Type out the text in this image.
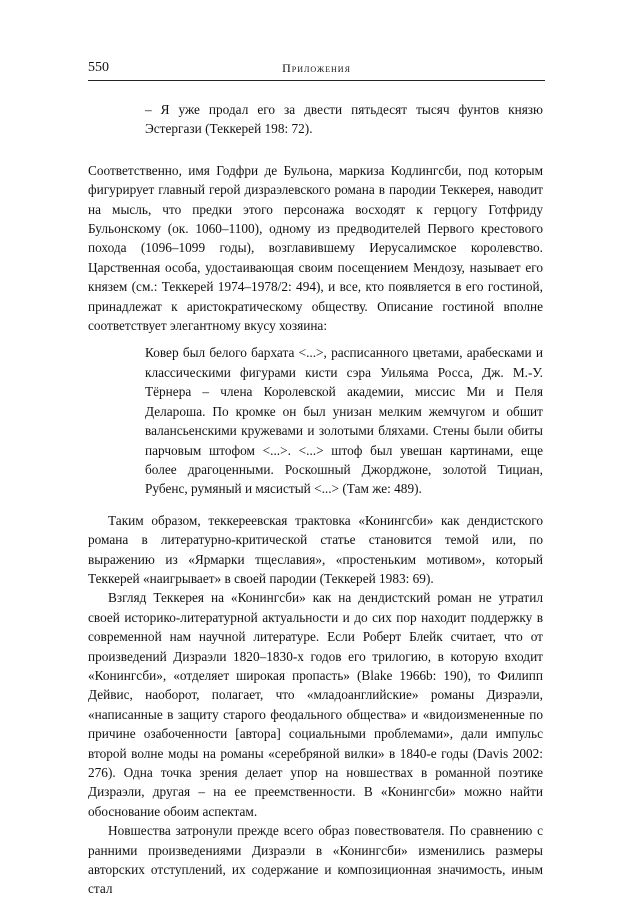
550	Приложения

– Я уже продал его за двести пятьдесят тысяч фунтов князю Эстергази (Теккерей 198: 72).

Соответственно, имя Годфри де Бульона, маркиза Кодлингсби, под которым фигурирует главный герой дизраэлевского романа в пародии Теккерея, наводит на мысль, что предки этого персонажа восходят к герцогу Готфриду Бульонскому (ок. 1060–1100), одному из предводителей Первого крестового похода (1096–1099 годы), возглавившему Иерусалимское королевство. Царственная особа, удостаивающая своим посещением Мендозу, называет его князем (см.: Теккерей 1974–1978/2: 494), и все, кто появляется в его гостиной, принадлежат к аристократическому обществу. Описание гостиной вполне соответствует элегантному вкусу хозяина:

Ковер был белого бархата <...>, расписанного цветами, арабесками и классическими фигурами кисти сэра Уильяма Росса, Дж. М.-У. Тёрнера – члена Королевской академии, миссис Ми и Пеля Делароша. По кромке он был унизан мелким жемчугом и обшит валансьенскими кружевами и золотыми бляхами. Стены были обиты парчовым штофом <...>. <...> штоф был увешан картинами, еще более драгоценными. Роскошный Джорджоне, золотой Тициан, Рубенс, румяный и мясистый <...> (Там же: 489).

Таким образом, теккереевская трактовка «Конингсби» как дендистского романа в литературно-критической статье становится темой или, по выражению из «Ярмарки тщеславия», «простеньким мотивом», который Теккерей «наигрывает» в своей пародии (Теккерей 1983: 69).

Взгляд Теккерея на «Конингсби» как на дендистский роман не утратил своей историко-литературной актуальности и до сих пор находит поддержку в современной нам научной литературе. Если Роберт Блейк считает, что от произведений Дизраэли 1820–1830-х годов его трилогию, в которую входит «Конингсби», «отделяет широкая пропасть» (Blake 1966b: 190), то Филипп Дейвис, наоборот, полагает, что «младоанглийские» романы Дизраэли, «написанные в защиту старого феодального общества» и «видоизмененные по причине озабоченности [автора] социальными проблемами», дали импульс второй волне моды на романы «серебряной вилки» в 1840-е годы (Davis 2002: 276). Одна точка зрения делает упор на новшествах в романной поэтике Дизраэли, другая – на ее преемственности. В «Конингсби» можно найти обоснование обоим аспектам.

Новшества затронули прежде всего образ повествователя. По сравнению с ранними произведениями Дизраэли в «Конингсби» изменились размеры авторских отступлений, их содержание и композиционная значимость, иным стал
